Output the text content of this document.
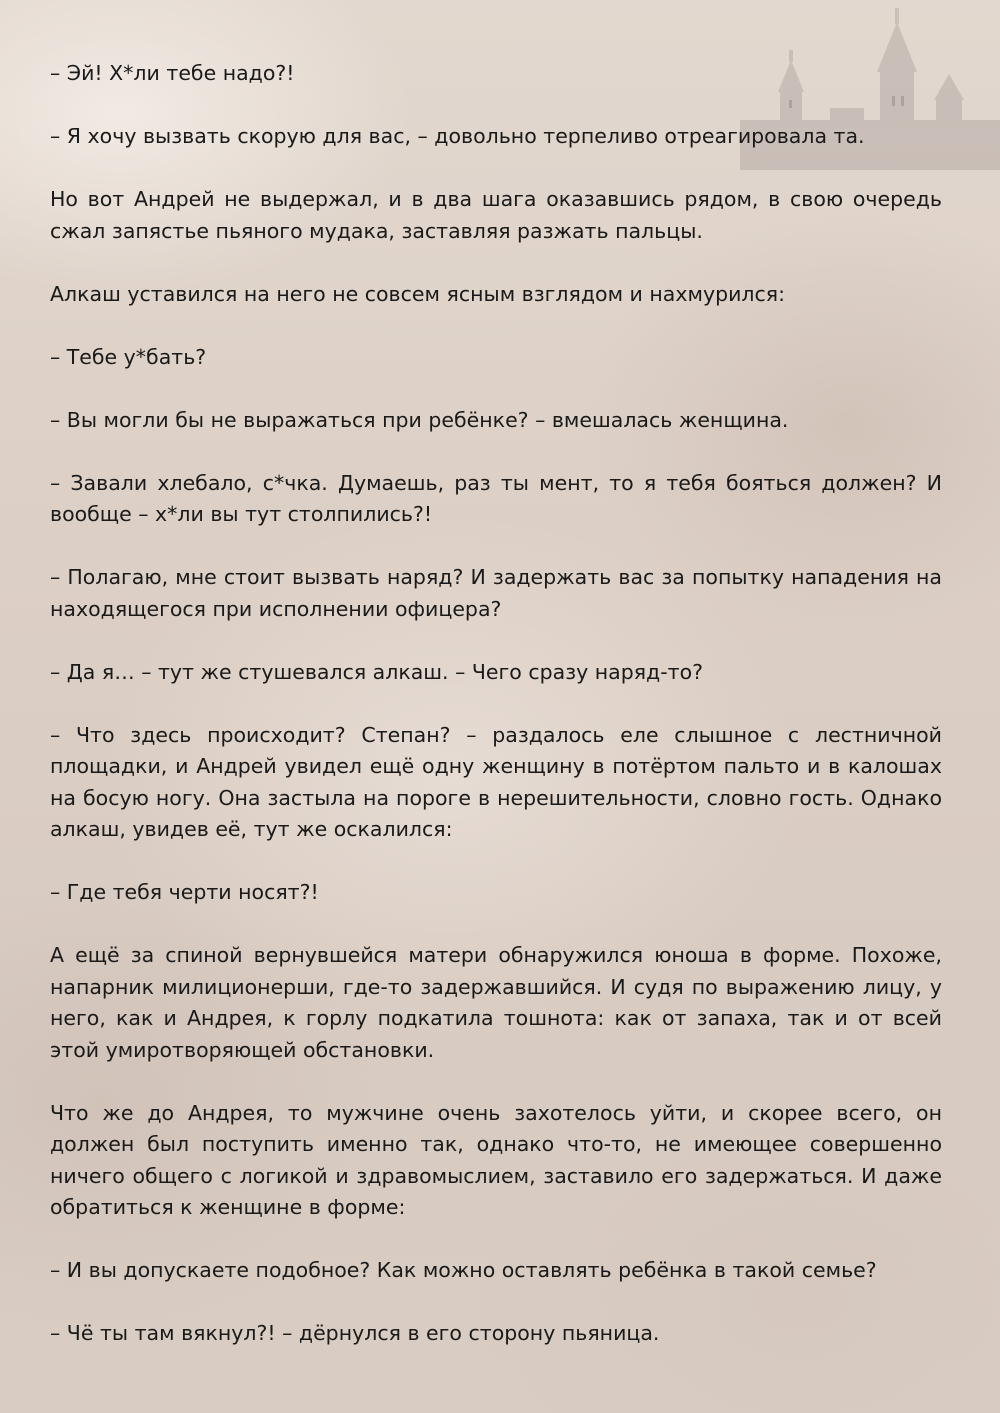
– Эй! Х*ли тебе надо?!

– Я хочу вызвать скорую для вас, – довольно терпеливо отреагировала та.

Но вот Андрей не выдержал, и в два шага оказавшись рядом, в свою очередь сжал запястье пьяного мудака, заставляя разжать пальцы.

Алкаш уставился на него не совсем ясным взглядом и нахмурился:

– Тебе у*бать?

– Вы могли бы не выражаться при ребёнке? – вмешалась женщина.

– Завали хлебало, с*чка. Думаешь, раз ты мент, то я тебя бояться должен? И вообще – х*ли вы тут столпились?!

– Полагаю, мне стоит вызвать наряд? И задержать вас за попытку нападения на находящегося при исполнении офицера?

– Да я… – тут же стушевался алкаш. – Чего сразу наряд-то?

– Что здесь происходит? Степан? – раздалось еле слышное с лестничной площадки, и Андрей увидел ещё одну женщину в потёртом пальто и в калошах на босую ногу. Она застыла на пороге в нерешительности, словно гость. Однако алкаш, увидев её, тут же оскалился:

– Где тебя черти носят?!

А ещё за спиной вернувшейся матери обнаружился юноша в форме. Похоже, напарник милиционерши, где-то задержавшийся. И судя по выражению лицу, у него, как и Андрея, к горлу подкатила тошнота: как от запаха, так и от всей этой умиротворяющей обстановки.

Что же до Андрея, то мужчине очень захотелось уйти, и скорее всего, он должен был поступить именно так, однако что-то, не имеющее совершенно ничего общего с логикой и здравомыслием, заставило его задержаться. И даже обратиться к женщине в форме:

– И вы допускаете подобное? Как можно оставлять ребёнка в такой семье?

– Чё ты там вякнул?! – дёрнулся в его сторону пьяница.
